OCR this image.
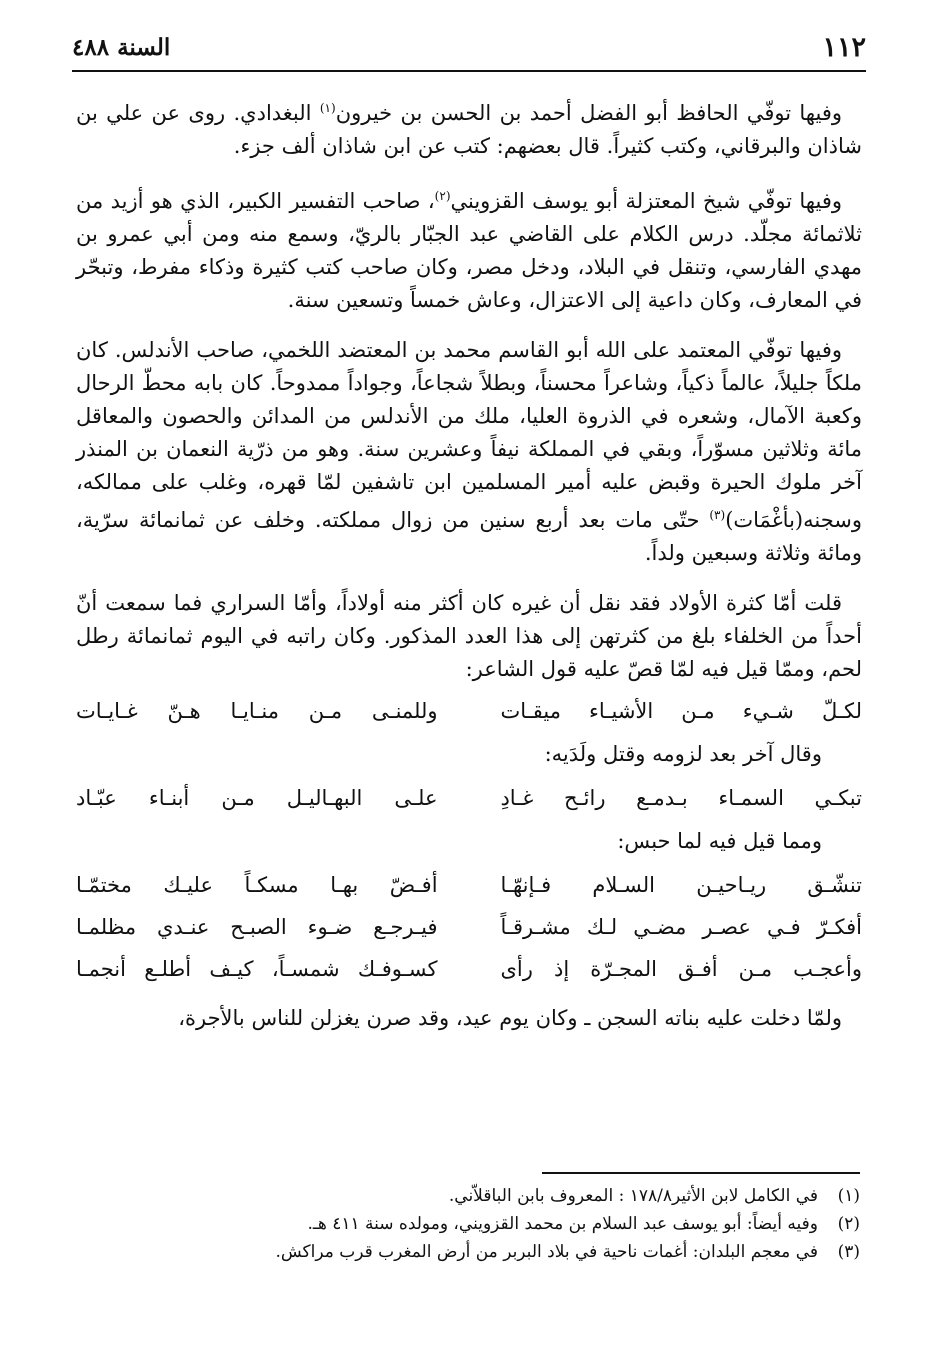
١١٢
السنة ٤٨٨

وفيها توفّي الحافظ أبو الفضل أحمد بن الحسن بن خيرون$^{(١)}$ البغدادي. روى عن علي بن شاذان والبرقاني، وكتب كثيراً. قال بعضهم: كتب عن ابن شاذان ألف جزء.

وفيها توفّي شيخ المعتزلة أبو يوسف القزويني$^{(٢)}$، صاحب التفسير الكبير، الذي هو أزيد من ثلاثمائة مجلّد. درس الكلام على القاضي عبد الجبّار بالريّ، وسمع منه ومن أبي عمرو بن مهدي الفارسي، وتنقل في البلاد، ودخل مصر، وكان صاحب كتب كثيرة وذكاء مفرط، وتبحّر في المعارف، وكان داعية إلى الاعتزال، وعاش خمساً وتسعين سنة.

وفيها توفّي المعتمد على الله أبو القاسم محمد بن المعتضد اللخمي، صاحب الأندلس. كان ملكاً جليلاً، عالماً ذكياً، وشاعراً محسناً، وبطلاً شجاعاً، وجواداً ممدوحاً. كان بابه محطّ الرحال وكعبة الآمال، وشعره في الذروة العليا، ملك من الأندلس من المدائن والحصون والمعاقل مائة وثلاثين مسوّراً، وبقي في المملكة نيفاً وعشرين سنة. وهو من ذرّية النعمان بن المنذر آخر ملوك الحيرة وقبض عليه أمير المسلمين ابن تاشفين لمّا قهره، وغلب على ممالكه، وسجنه(بأغْمَات)$^{(٣)}$ حتّى مات بعد أربع سنين من زوال مملكته. وخلف عن ثمانمائة سرّية، ومائة وثلاثة وسبعين ولداً.

قلت أمّا كثرة الأولاد فقد نقل أن غيره كان أكثر منه أولاداً، وأمّا السراري فما سمعت أنّ أحداً من الخلفاء بلغ من كثرتهن إلى هذا العدد المذكور. وكان راتبه في اليوم ثمانمائة رطل لحم، وممّا قيل فيه لمّا قصّ عليه قول الشاعر:

لكـلّ شـيء مـن الأشيـاء ميقـات
وللمنـى مـن منـايـا هـنّ غـايـات
وقال آخر بعد لزومه وقتل ولَدَيه:
تبكـي السمـاء بـدمـع رائـح غـادِ
علـى البهـاليـل مـن أبنـاء عبّـاد
ومما قيل فيه لما حبس:
تنشّـق ريـاحيـن السـلام فـإنهّـا
أفـضّ بهـا مسكـاً عليـك مختمّـا
أفكـرّ فـي عصـر مضـي لـك مشـرقـاً
فيـرجـع ضـوء الصبـح عنـدي مظلمـا
وأعجـب مـن أفـق المجـرّة إذ رأى
كسـوفـك شمسـاً، كيـف أطلـع أنجمـا
ولمّا دخلت عليه بناته السجن ـ وكان يوم عيد، وقد صرن يغزلن للناس بالأجرة،
(١)
في الكامل لابن الأثير١٧٨/٨ : المعروف بابن الباقلاّني.
(٢)
وفيه أيضاً: أبو يوسف عبد السلام بن محمد القزويني، ومولده سنة ٤١١ هـ.
(٣)
في معجم البلدان: أغمات ناحية في بلاد البربر من أرض المغرب قرب مراكش.
